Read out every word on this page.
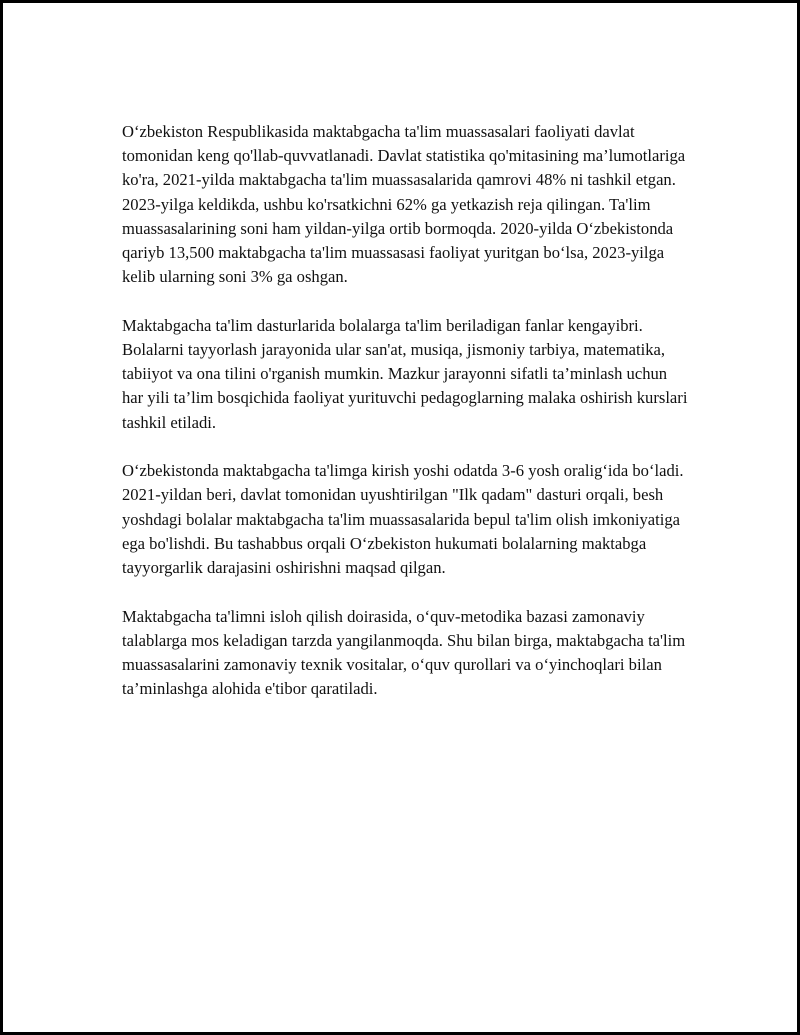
O‘zbekiston Respublikasida maktabgacha ta'lim muassasalari faoliyati davlat tomonidan keng qo'llab-quvvatlanadi. Davlat statistika qo'mitasining ma’lumotlariga ko'ra, 2021-yilda maktabgacha ta'lim muassasalarida qamrovi 48% ni tashkil etgan. 2023-yilga keldikda, ushbu ko'rsatkichni 62% ga yetkazish reja qilingan. Ta'lim muassasalarining soni ham yildan-yilga ortib bormoqda. 2020-yilda O‘zbekistonda qariyb 13,500 maktabgacha ta'lim muassasasi faoliyat yuritgan bo‘lsa, 2023-yilga kelib ularning soni 3% ga oshgan.

Maktabgacha ta'lim dasturlarida bolalarga ta'lim beriladigan fanlar kengayibri. Bolalarni tayyorlash jarayonida ular san'at, musiqa, jismoniy tarbiya, matematika, tabiiyot va ona tilini o'rganish mumkin. Mazkur jarayonni sifatli ta’minlash uchun har yili ta’lim bosqichida faoliyat yurituvchi pedagoglarning malaka oshirish kurslari tashkil etiladi.

O‘zbekistonda maktabgacha ta'limga kirish yoshi odatda 3-6 yosh oralig‘ida bo‘ladi. 2021-yildan beri, davlat tomonidan uyushtirilgan "Ilk qadam" dasturi orqali, besh yoshdagi bolalar maktabgacha ta'lim muassasalarida bepul ta'lim olish imkoniyatiga ega bo'lishdi. Bu tashabbus orqali O‘zbekiston hukumati bolalarning maktabga tayyorgarlik darajasini oshirishni maqsad qilgan.

Maktabgacha ta'limni isloh qilish doirasida, o‘quv-metodika bazasi zamonaviy talablarga mos keladigan tarzda yangilanmoqda. Shu bilan birga, maktabgacha ta'lim muassasalarini zamonaviy texnik vositalar, o‘quv qurollari va o‘yinchoqlari bilan ta’minlashga alohida e'tibor qaratiladi.
